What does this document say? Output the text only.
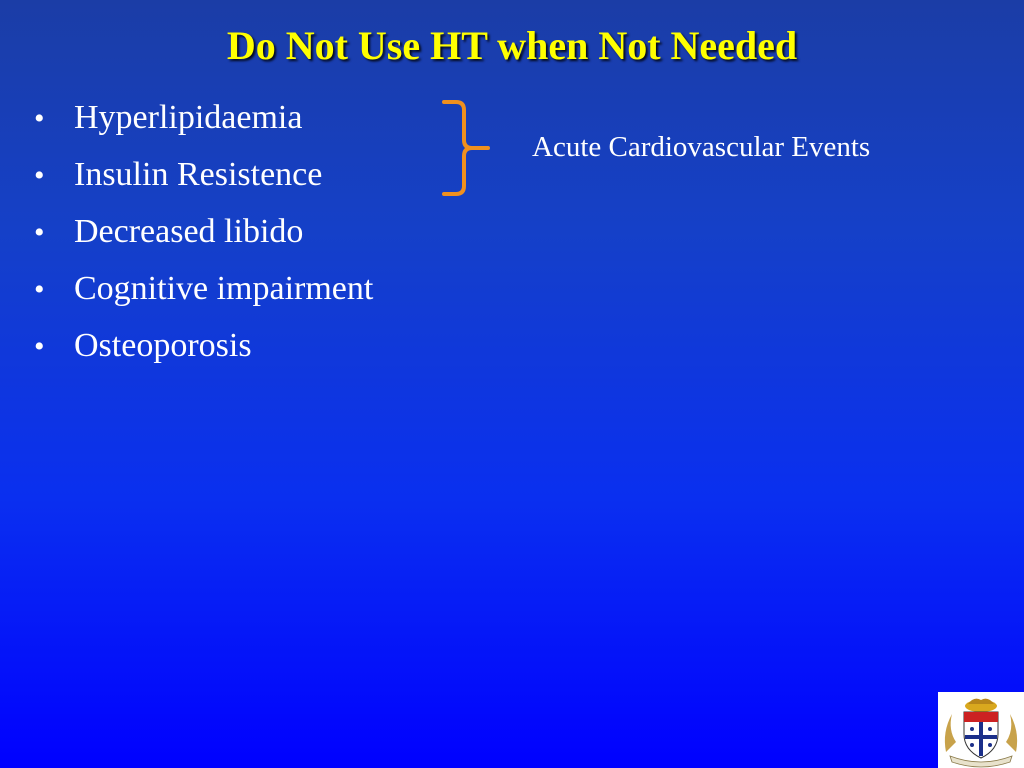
Do Not Use HT when Not Needed
• Hyperlipidaemia
• Insulin Resistence
• Decreased libido
• Cognitive impairment
• Osteoporosis
Acute Cardiovascular Events
